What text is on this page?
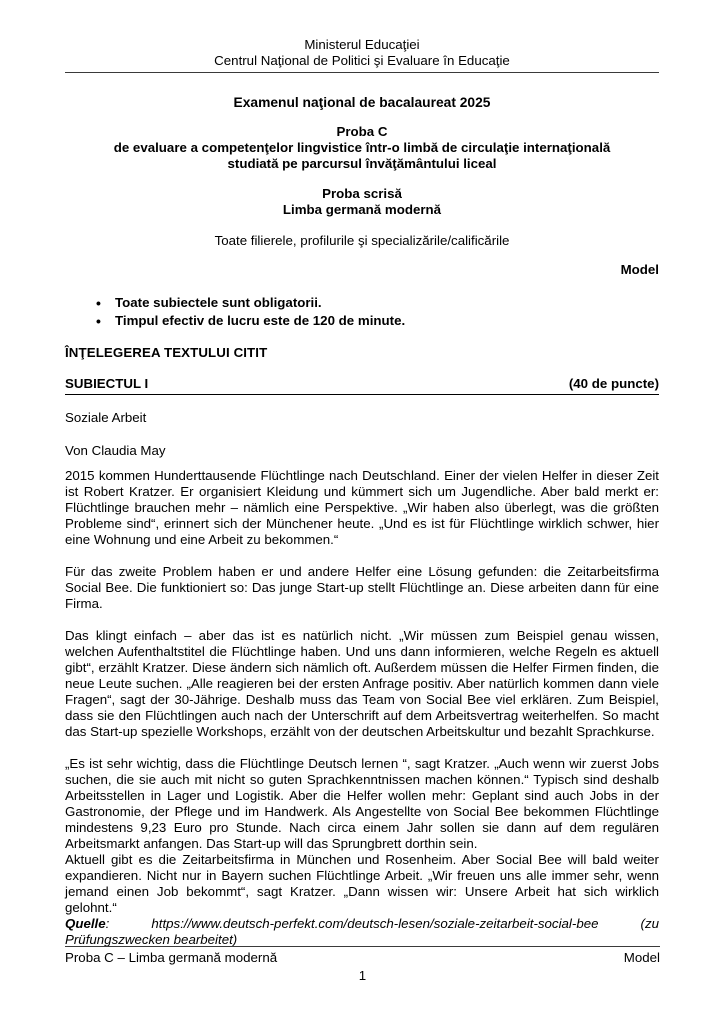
Ministerul Educaţiei
Centrul Naţional de Politici şi Evaluare în Educaţie
Examenul naţional de bacalaureat 2025
Proba C
de evaluare a competenţelor lingvistice într-o limbă de circulaţie internaţională
studiată pe parcursul învăţământului liceal
Proba scrisă
Limba germană modernă
Toate filierele, profilurile şi specializările/calificările
Model
• Toate subiectele sunt obligatorii.
• Timpul efectiv de lucru este de 120 de minute.
ÎNŢELEGEREA TEXTULUI CITIT
SUBIECTUL I	(40 de puncte)
Soziale Arbeit
Von Claudia May
2015 kommen Hunderttausende Flüchtlinge nach Deutschland. Einer der vielen Helfer in dieser Zeit ist Robert Kratzer. Er organisiert Kleidung und kümmert sich um Jugendliche. Aber bald merkt er: Flüchtlinge brauchen mehr – nämlich eine Perspektive. „Wir haben also überlegt, was die größten Probleme sind“, erinnert sich der Münchener heute. „Und es ist für Flüchtlinge wirklich schwer, hier eine Wohnung und eine Arbeit zu bekommen.“
Für das zweite Problem haben er und andere Helfer eine Lösung gefunden: die Zeitarbeitsfirma Social Bee. Die funktioniert so: Das junge Start-up stellt Flüchtlinge an. Diese arbeiten dann für eine Firma.
Das klingt einfach – aber das ist es natürlich nicht. „Wir müssen zum Beispiel genau wissen, welchen Aufenthaltstitel die Flüchtlinge haben. Und uns dann informieren, welche Regeln es aktuell gibt“, erzählt Kratzer. Diese ändern sich nämlich oft. Außerdem müssen die Helfer Firmen finden, die neue Leute suchen. „Alle reagieren bei der ersten Anfrage positiv. Aber natürlich kommen dann viele Fragen“, sagt der 30-Jährige. Deshalb muss das Team von Social Bee viel erklären. Zum Beispiel, dass sie den Flüchtlingen auch nach der Unterschrift auf dem Arbeitsvertrag weiterhelfen. So macht das Start-up spezielle Workshops, erzählt von der deutschen Arbeitskultur und bezahlt Sprachkurse.
„Es ist sehr wichtig, dass die Flüchtlinge Deutsch lernen “, sagt Kratzer. „Auch wenn wir zuerst Jobs suchen, die sie auch mit nicht so guten Sprachkenntnissen machen können.“ Typisch sind deshalb Arbeitsstellen in Lager und Logistik. Aber die Helfer wollen mehr: Geplant sind auch Jobs in der Gastronomie, der Pflege und im Handwerk. Als Angestellte von Social Bee bekommen Flüchtlinge mindestens 9,23 Euro pro Stunde. Nach circa einem Jahr sollen sie dann auf dem regulären Arbeitsmarkt anfangen. Das Start-up will das Sprungbrett dorthin sein.
Aktuell gibt es die Zeitarbeitsfirma in München und Rosenheim. Aber Social Bee will bald weiter expandieren. Nicht nur in Bayern suchen Flüchtlinge Arbeit. „Wir freuen uns alle immer sehr, wenn jemand einen Job bekommt“, sagt Kratzer. „Dann wissen wir: Unsere Arbeit hat sich wirklich gelohnt.“
Quelle: https://www.deutsch-perfekt.com/deutsch-lesen/soziale-zeitarbeit-social-bee (zu Prüfungszwecken bearbeitet)
Proba C – Limba germană modernă	Model
1
